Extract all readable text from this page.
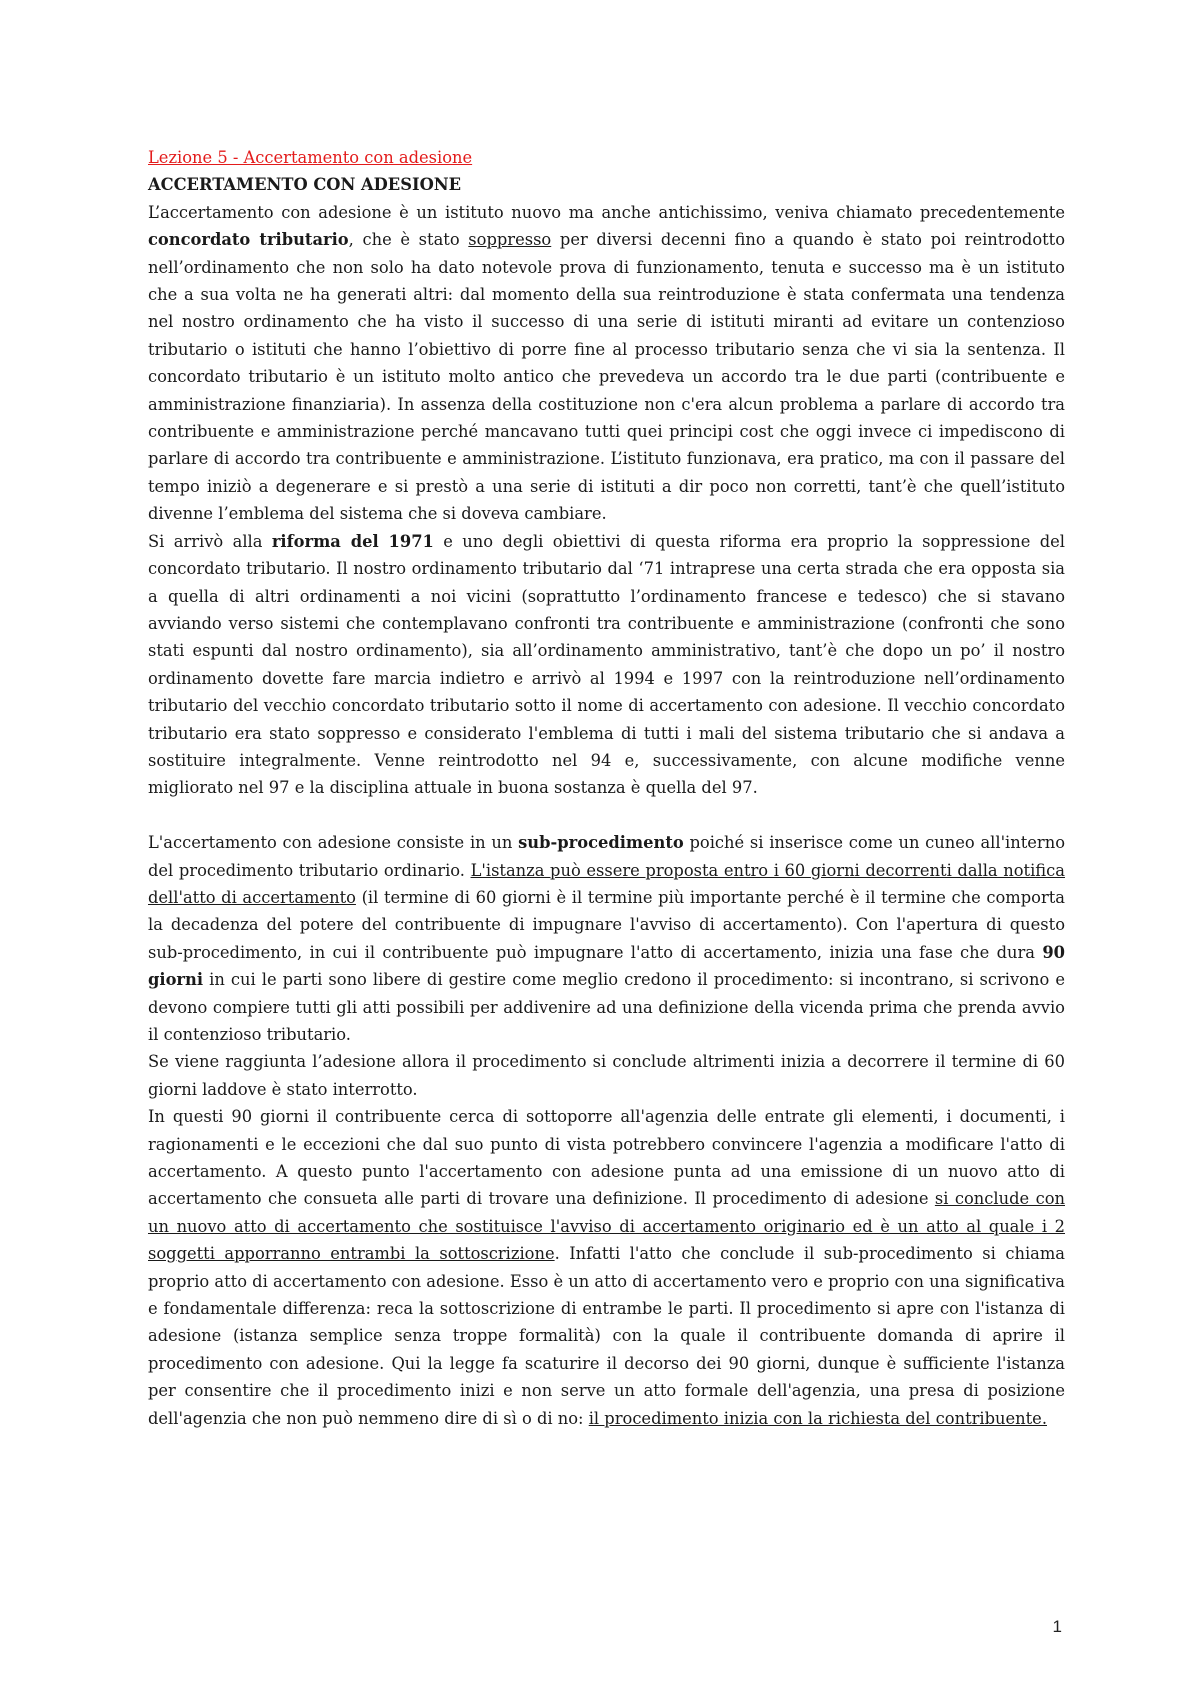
Lezione 5 - Accertamento con adesione
ACCERTAMENTO CON ADESIONE

L’accertamento con adesione è un istituto nuovo ma anche antichissimo, veniva chiamato precedentemente concordato tributario, che è stato soppresso per diversi decenni fino a quando è stato poi reintrodotto nell’ordinamento che non solo ha dato notevole prova di funzionamento, tenuta e successo ma è un istituto che a sua volta ne ha generati altri: dal momento della sua reintroduzione è stata confermata una tendenza nel nostro ordinamento che ha visto il successo di una serie di istituti miranti ad evitare un contenzioso tributario o istituti che hanno l’obiettivo di porre fine al processo tributario senza che vi sia la sentenza. Il concordato tributario è un istituto molto antico che prevedeva un accordo tra le due parti (contribuente e amministrazione finanziaria). In assenza della costituzione non c'era alcun problema a parlare di accordo tra contribuente e amministrazione perché mancavano tutti quei principi cost che oggi invece ci impediscono di parlare di accordo tra contribuente e amministrazione. L’istituto funzionava, era pratico, ma con il passare del tempo iniziò a degenerare e si prestò a una serie di istituti a dir poco non corretti, tant’è che quell’istituto divenne l’emblema del sistema che si doveva cambiare.

Si arrivò alla riforma del 1971 e uno degli obiettivi di questa riforma era proprio la soppressione del concordato tributario. Il nostro ordinamento tributario dal ‘71 intraprese una certa strada che era opposta sia a quella di altri ordinamenti a noi vicini (soprattutto l’ordinamento francese e tedesco) che si stavano avviando verso sistemi che contemplavano confronti tra contribuente e amministrazione (confronti che sono stati espunti dal nostro ordinamento), sia all’ordinamento amministrativo, tant’è che dopo un po’ il nostro ordinamento dovette fare marcia indietro e arrivò al 1994 e 1997 con la reintroduzione nell’ordinamento tributario del vecchio concordato tributario sotto il nome di accertamento con adesione. Il vecchio concordato tributario era stato soppresso e considerato l'emblema di tutti i mali del sistema tributario che si andava a sostituire integralmente. Venne reintrodotto nel 94 e, successivamente, con alcune modifiche venne migliorato nel 97 e la disciplina attuale in buona sostanza è quella del 97.

L'accertamento con adesione consiste in un sub-procedimento poiché si inserisce come un cuneo all'interno del procedimento tributario ordinario. L'istanza può essere proposta entro i 60 giorni decorrenti dalla notifica dell'atto di accertamento (il termine di 60 giorni è il termine più importante perché è il termine che comporta la decadenza del potere del contribuente di impugnare l'avviso di accertamento). Con l'apertura di questo sub-procedimento, in cui il contribuente può impugnare l'atto di accertamento, inizia una fase che dura 90 giorni in cui le parti sono libere di gestire come meglio credono il procedimento: si incontrano, si scrivono e devono compiere tutti gli atti possibili per addivenire ad una definizione della vicenda prima che prenda avvio il contenzioso tributario.

Se viene raggiunta l’adesione allora il procedimento si conclude altrimenti inizia a decorrere il termine di 60 giorni laddove è stato interrotto.

In questi 90 giorni il contribuente cerca di sottoporre all'agenzia delle entrate gli elementi, i documenti, i ragionamenti e le eccezioni che dal suo punto di vista potrebbero convincere l'agenzia a modificare l'atto di accertamento. A questo punto l'accertamento con adesione punta ad una emissione di un nuovo atto di accertamento che consueta alle parti di trovare una definizione. Il procedimento di adesione si conclude con un nuovo atto di accertamento che sostituisce l'avviso di accertamento originario ed è un atto al quale i 2 soggetti apporranno entrambi la sottoscrizione. Infatti l'atto che conclude il sub-procedimento si chiama proprio atto di accertamento con adesione. Esso è un atto di accertamento vero e proprio con una significativa e fondamentale differenza: reca la sottoscrizione di entrambe le parti. Il procedimento si apre con l'istanza di adesione (istanza semplice senza troppe formalità) con la quale il contribuente domanda di aprire il procedimento con adesione. Qui la legge fa scaturire il decorso dei 90 giorni, dunque è sufficiente l'istanza per consentire che il procedimento inizi e non serve un atto formale dell'agenzia, una presa di posizione dell'agenzia che non può nemmeno dire di sì o di no: il procedimento inizia con la richiesta del contribuente.

1
